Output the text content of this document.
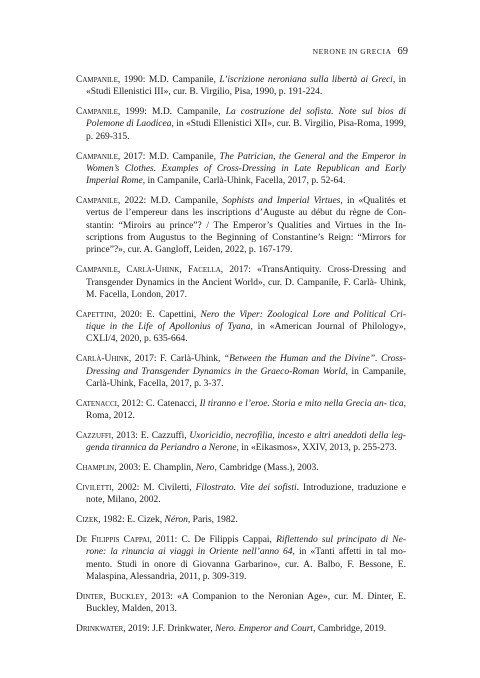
NERONE IN GRECIA 69

Campanile, 1990: M.D. Campanile, L’iscrizione neroniana sulla libertà ai Greci, in «Studi Ellenistici III», cur. B. Virgilio, Pisa, 1990, p. 191-224.

Campanile, 1999: M.D. Campanile, La costruzione del sofista. Note sul bios di Polemone di Laodicea, in «Studi Ellenistici XII», cur. B. Virgilio, Pisa-Roma, 1999, p. 269-315.

Campanile, 2017: M.D. Campanile, The Patrician, the General and the Emperor in Women’s Clothes. Examples of Cross-Dressing in Late Republican and Early Imperial Rome, in Campanile, Carlà-Uhink, Facella, 2017, p. 52-64.

Campanile, 2022: M.D. Campanile, Sophists and Imperial Virtues, in «Qualités et vertus de l’empereur dans les inscriptions d’Auguste au début du règne de Con- stantin: “Miroirs au prince”? / The Emperor’s Qualities and Virtues in the In- scriptions from Augustus to the Beginning of Constantine’s Reign: “Mirrors for prince”?», cur. A. Gangloff, Leiden, 2022, p. 167-179.

Campanile, Carlà-Uhink, Facella, 2017: «TransAntiquity. Cross-Dressing and Transgender Dynamics in the Ancient World», cur. D. Campanile, F. Carlà- Uhink, M. Facella, London, 2017.

Capettini, 2020: E. Capettini, Nero the Viper: Zoological Lore and Political Cri- tique in the Life of Apollonius of Tyana, in «American Journal of Philology», CXLI/4, 2020, p. 635-664.

Carlà-Uhink, 2017: F. Carlà-Uhink, “Between the Human and the Divine”. Cross-Dressing and Transgender Dynamics in the Graeco-Roman World, in Campanile, Carlà-Uhink, Facella, 2017, p. 3-37.

Catenacci, 2012: C. Catenacci, Il tiranno e l’eroe. Storia e mito nella Grecia an- tica, Roma, 2012.

Cazzuffi, 2013: E. Cazzuffi, Uxoricidio, necrofilia, incesto e altri aneddoti della leg- genda tirannica da Periandro a Nerone, in «Eikasmos», XXIV, 2013, p. 255-273.

Champlin, 2003: E. Champlin, Nero, Cambridge (Mass.), 2003.

Civiletti, 2002: M. Civiletti, Filostrato. Vite dei sofisti. Introduzione, traduzione e note, Milano, 2002.

Cizek, 1982: E. Cizek, Néron, Paris, 1982.

De Filippis Cappai, 2011: C. De Filippis Cappai, Riflettendo sul principato di Ne- rone: la rinuncia ai viaggi in Oriente nell’anno 64, in «Tanti affetti in tal mo- mento. Studi in onore di Giovanna Garbarino», cur. A. Balbo, F. Bessone, E. Malaspina, Alessandria, 2011, p. 309-319.

Dinter, Buckley, 2013: «A Companion to the Neronian Age», cur. M. Dinter, E. Buckley, Malden, 2013.

Drinkwater, 2019: J.F. Drinkwater, Nero. Emperor and Court, Cambridge, 2019.
